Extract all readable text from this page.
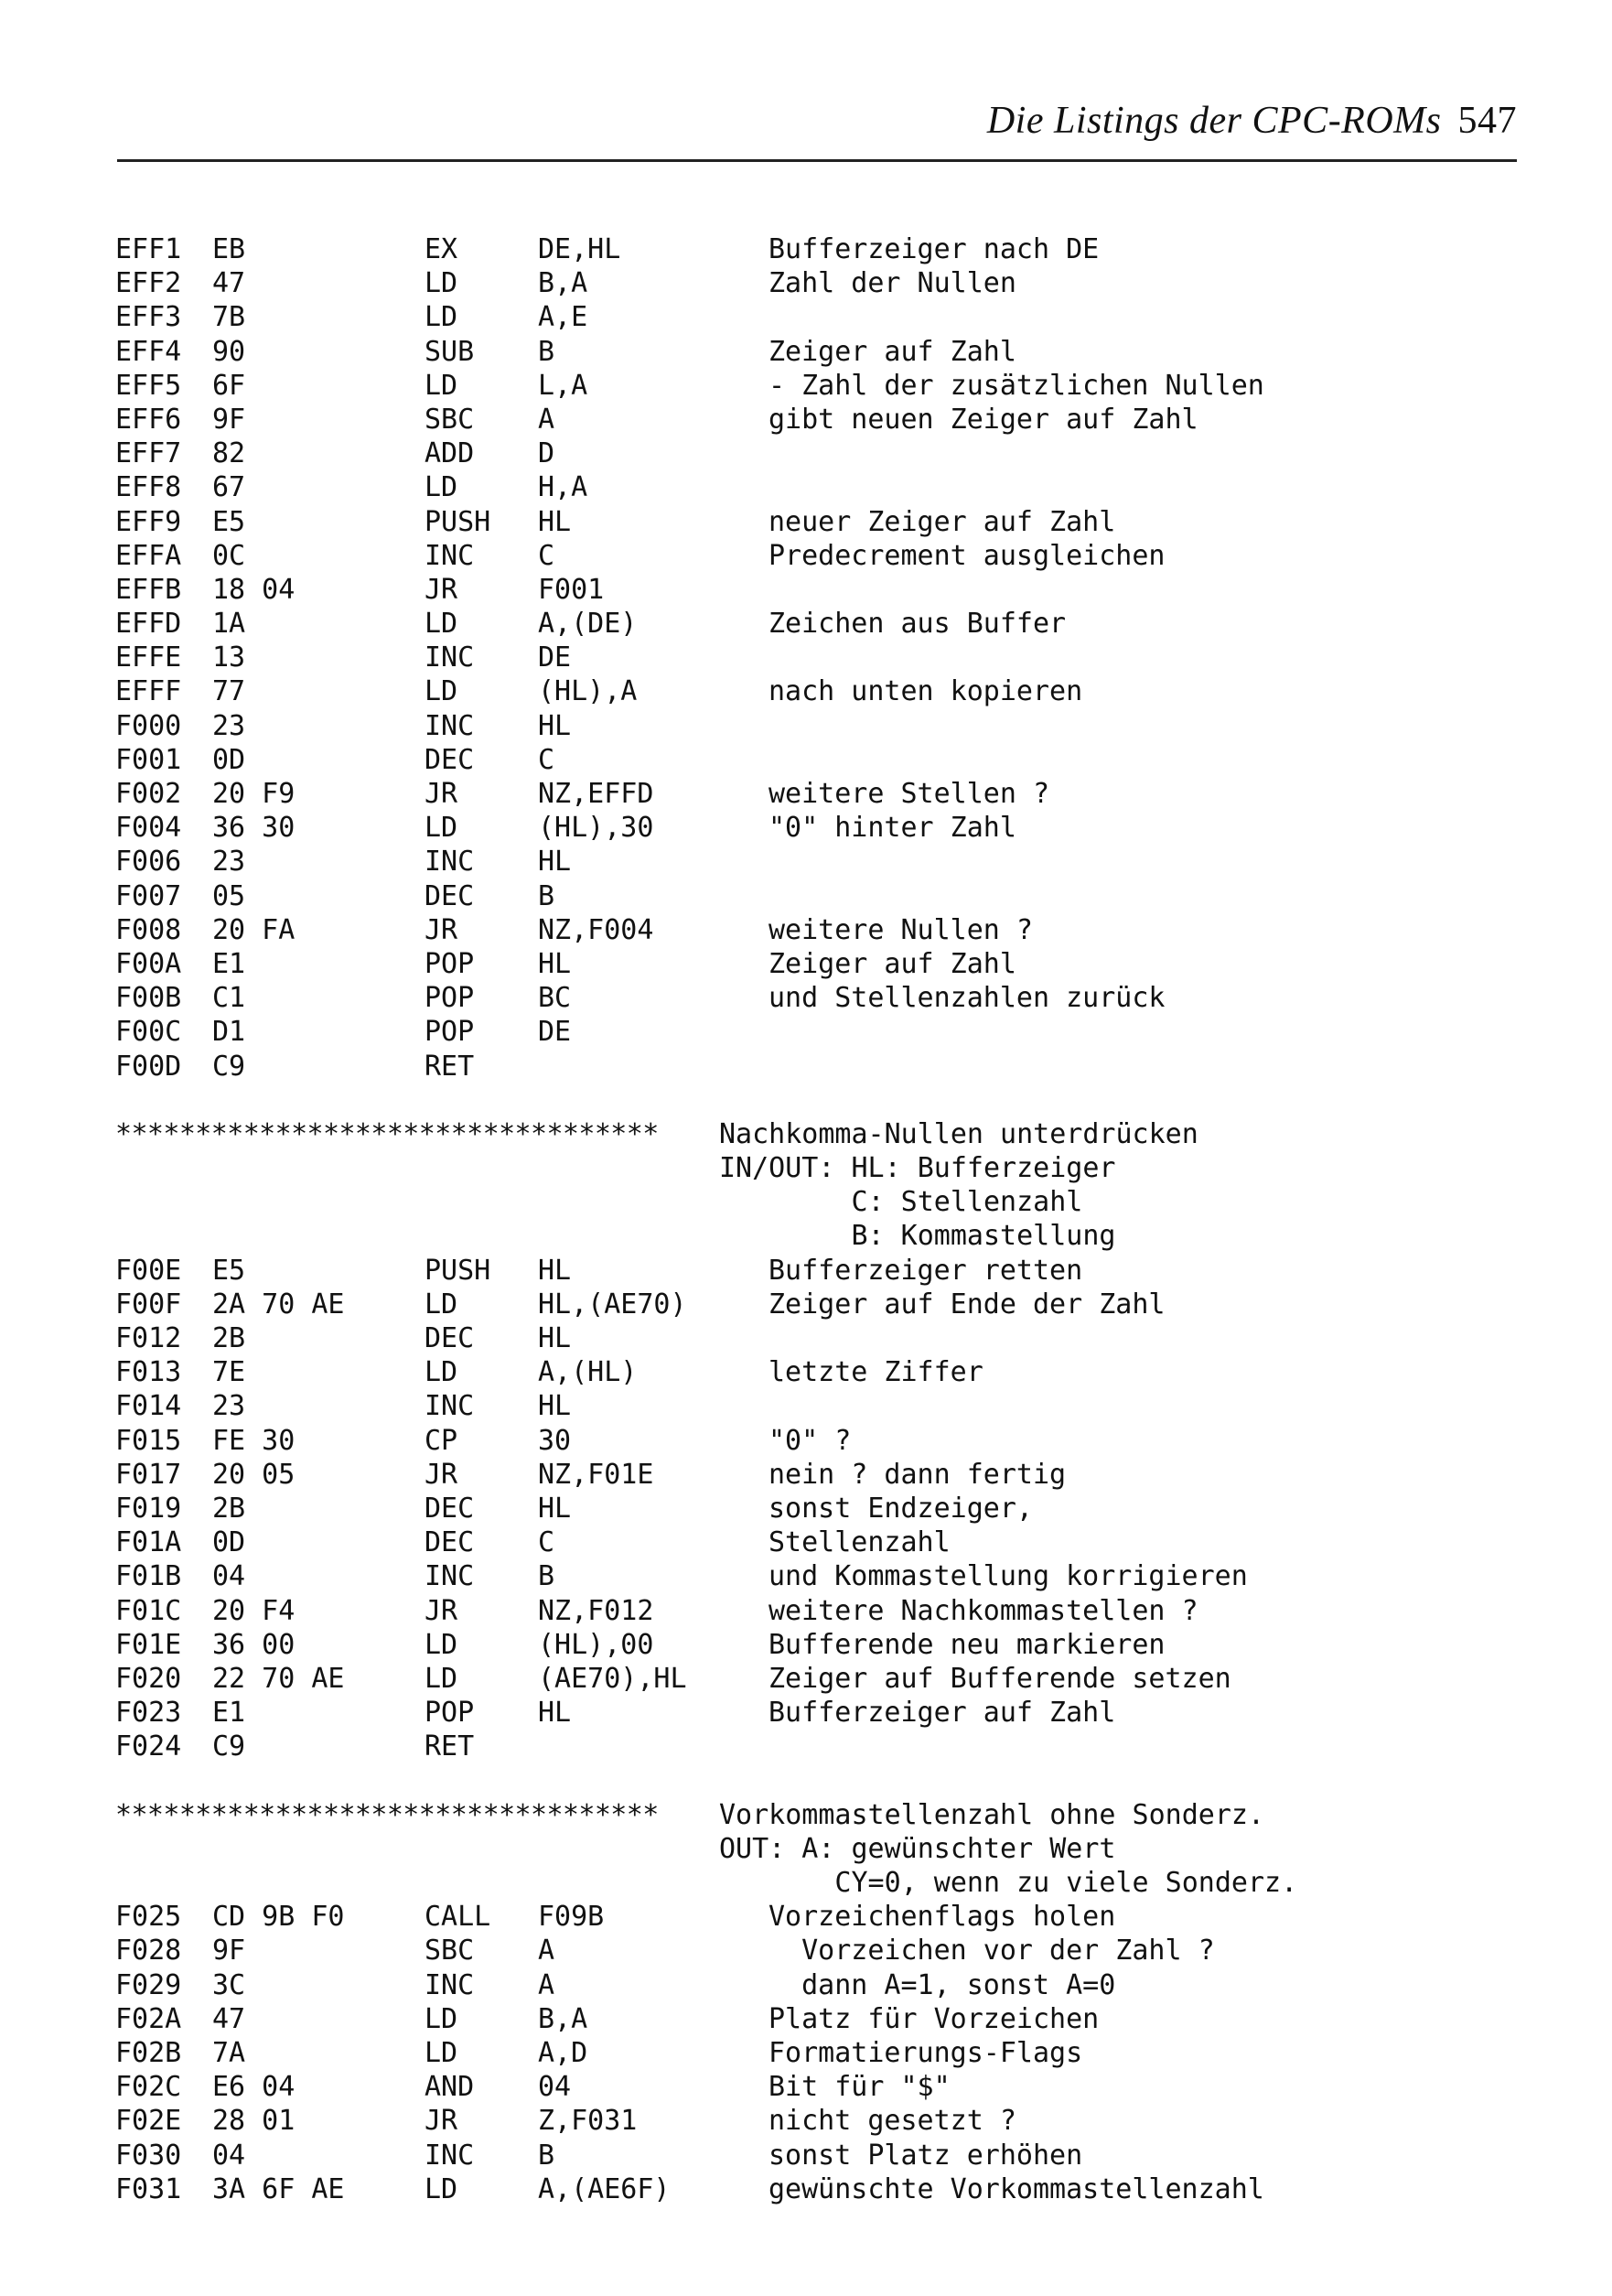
Die Listings der CPC-ROMs 547
EFF1 EB	EX	DE,HL	Bufferzeiger nach DE
EFF2 47	LD	B,A	Zahl der Nullen
EFF3 7B	LD	A,E
EFF4 90	SUB B	Zeiger auf Zahl
EFF5 6F	LD	L,A	- Zahl der zusätzlichen Nullen
EFF6 9F	SBC A	gibt neuen Zeiger auf Zahl
EFF7 82	ADD D
EFF8 67	LD	H,A
EFF9 E5	PUSH HL	neuer Zeiger auf Zahl
EFFA 0C	INC C	Predecrement ausgleichen
EFFB 18 04	JR	F001
EFFD 1A	LD	A,(DE)	Zeichen aus Buffer
EFFE 13	INC DE
EFFF 77	LD	(HL),A	nach unten kopieren
F000 23	INC HL
F001 0D	DEC C
F002 20 F9	JR	NZ,EFFD	weitere Stellen ?
F004 36 30	LD	(HL),30	"0" hinter Zahl
F006 23	INC HL
F007 05	DEC B
F008 20 FA	JR	NZ,F004	weitere Nullen ?
F00A E1	POP HL	Zeiger auf Zahl
F00B C1	POP BC	und Stellenzahlen zurück
F00C D1	POP DE
F00D C9	RET
********************************** Nachkomma-Nullen unterdrücken
IN/OUT: HL: Bufferzeiger
C: Stellenzahl
B: Kommastellung
F00E E5	PUSH HL	Bufferzeiger retten
F00F 2A 70 AE	LD	HL,(AE70)	Zeiger auf Ende der Zahl
F012 2B	DEC HL
F013 7E	LD	A,(HL)	letzte Ziffer
F014 23	INC HL
F015 FE 30	CP	30	"0" ?
F017 20 05	JR	NZ,F01E	nein ? dann fertig
F019 2B	DEC HL	sonst Endzeiger,
F01A 0D	DEC C	Stellenzahl
F01B 04	INC B	und Kommastellung korrigieren
F01C 20 F4	JR	NZ,F012	weitere Nachkommastellen ?
F01E 36 00	LD	(HL),00	Bufferende neu markieren
F020 22 70 AE	LD	(AE70),HL	Zeiger auf Bufferende setzen
F023 E1	POP HL	Bufferzeiger auf Zahl
F024 C9	RET
********************************** Vorkommastellenzahl ohne Sonderz.
OUT: A: gewünschter Wert
CY=0, wenn zu viele Sonderz.
F025 CD 9B F0	CALL F09B	Vorzeichenflags holen
F028 9F	SBC A	Vorzeichen vor der Zahl ?
F029 3C	INC A	dann A=1, sonst A=0
F02A 47	LD	B,A	Platz für Vorzeichen
F02B 7A	LD	A,D	Formatierungs-Flags
F02C E6 04	AND 04	Bit für "$"
F02E 28 01	JR	Z,F031	nicht gesetzt ?
F030 04	INC B	sonst Platz erhöhen
F031 3A 6F AE	LD	A,(AE6F)	gewünschte Vorkommastellenzahl
